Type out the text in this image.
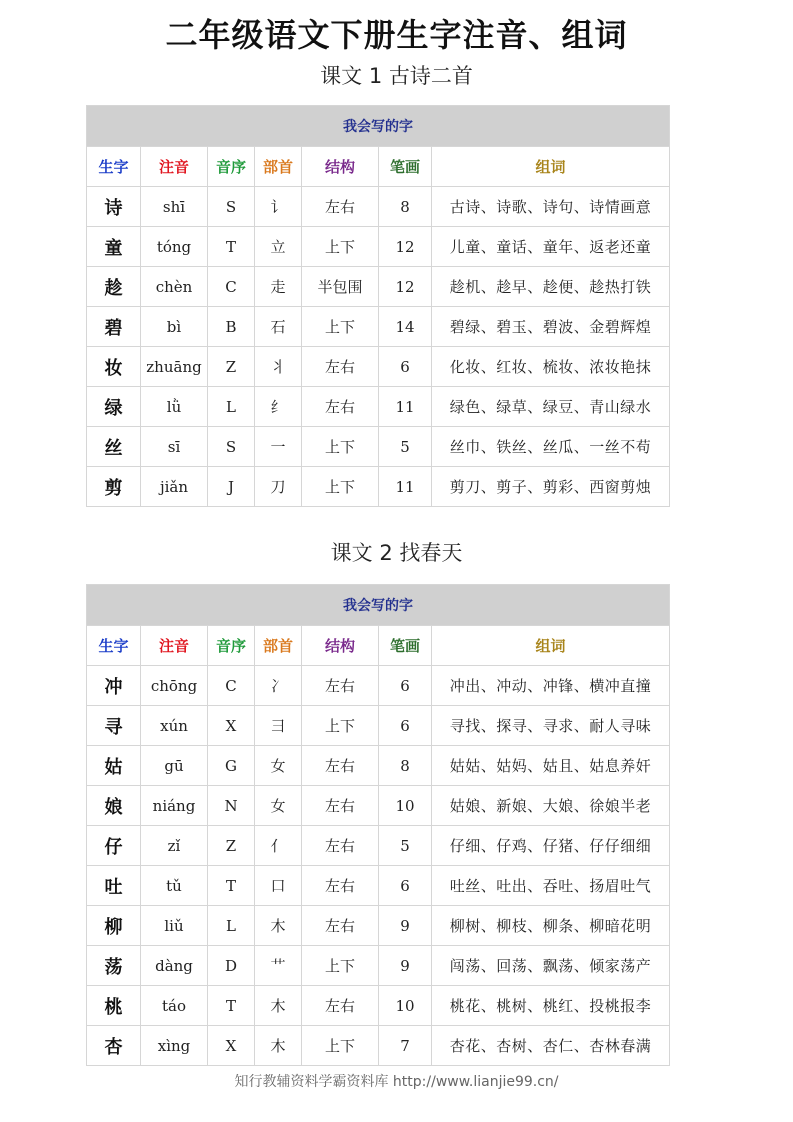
二年级语文下册生字注音、组词
课文 1 古诗二首
我会写的字						
生字	注音	音序	部首	结构	笔画	组词
诗	shī	S	讠	左右	8	古诗、诗歌、诗句、诗情画意
童	tóng	T	立	上下	12	儿童、童话、童年、返老还童
趁	chèn	C	走	半包围	12	趁机、趁早、趁便、趁热打铁
碧	bì	B	石	上下	14	碧绿、碧玉、碧波、金碧辉煌
妆	zhuāng	Z	丬	左右	6	化妆、红妆、梳妆、浓妆艳抹
绿	lǜ	L	纟	左右	11	绿色、绿草、绿豆、青山绿水
丝	sī	S	一	上下	5	丝巾、铁丝、丝瓜、一丝不苟
剪	jiǎn	J	刀	上下	11	剪刀、剪子、剪彩、西窗剪烛
课文 2 找春天
我会写的字						
生字	注音	音序	部首	结构	笔画	组词
冲	chōng	C	冫	左右	6	冲出、冲动、冲锋、横冲直撞
寻	xún	X	彐	上下	6	寻找、探寻、寻求、耐人寻味
姑	gū	G	女	左右	8	姑姑、姑妈、姑且、姑息养奸
娘	niáng	N	女	左右	10	姑娘、新娘、大娘、徐娘半老
仔	zǐ	Z	亻	左右	5	仔细、仔鸡、仔猪、仔仔细细
吐	tǔ	T	口	左右	6	吐丝、吐出、吞吐、扬眉吐气
柳	liǔ	L	木	左右	9	柳树、柳枝、柳条、柳暗花明
荡	dàng	D	艹	上下	9	闯荡、回荡、飘荡、倾家荡产
桃	táo	T	木	左右	10	桃花、桃树、桃红、投桃报李
杏	xìng	X	木	上下	7	杏花、杏树、杏仁、杏林春满
知行教辅资料学霸资料库 http://www.lianjie99.cn/
